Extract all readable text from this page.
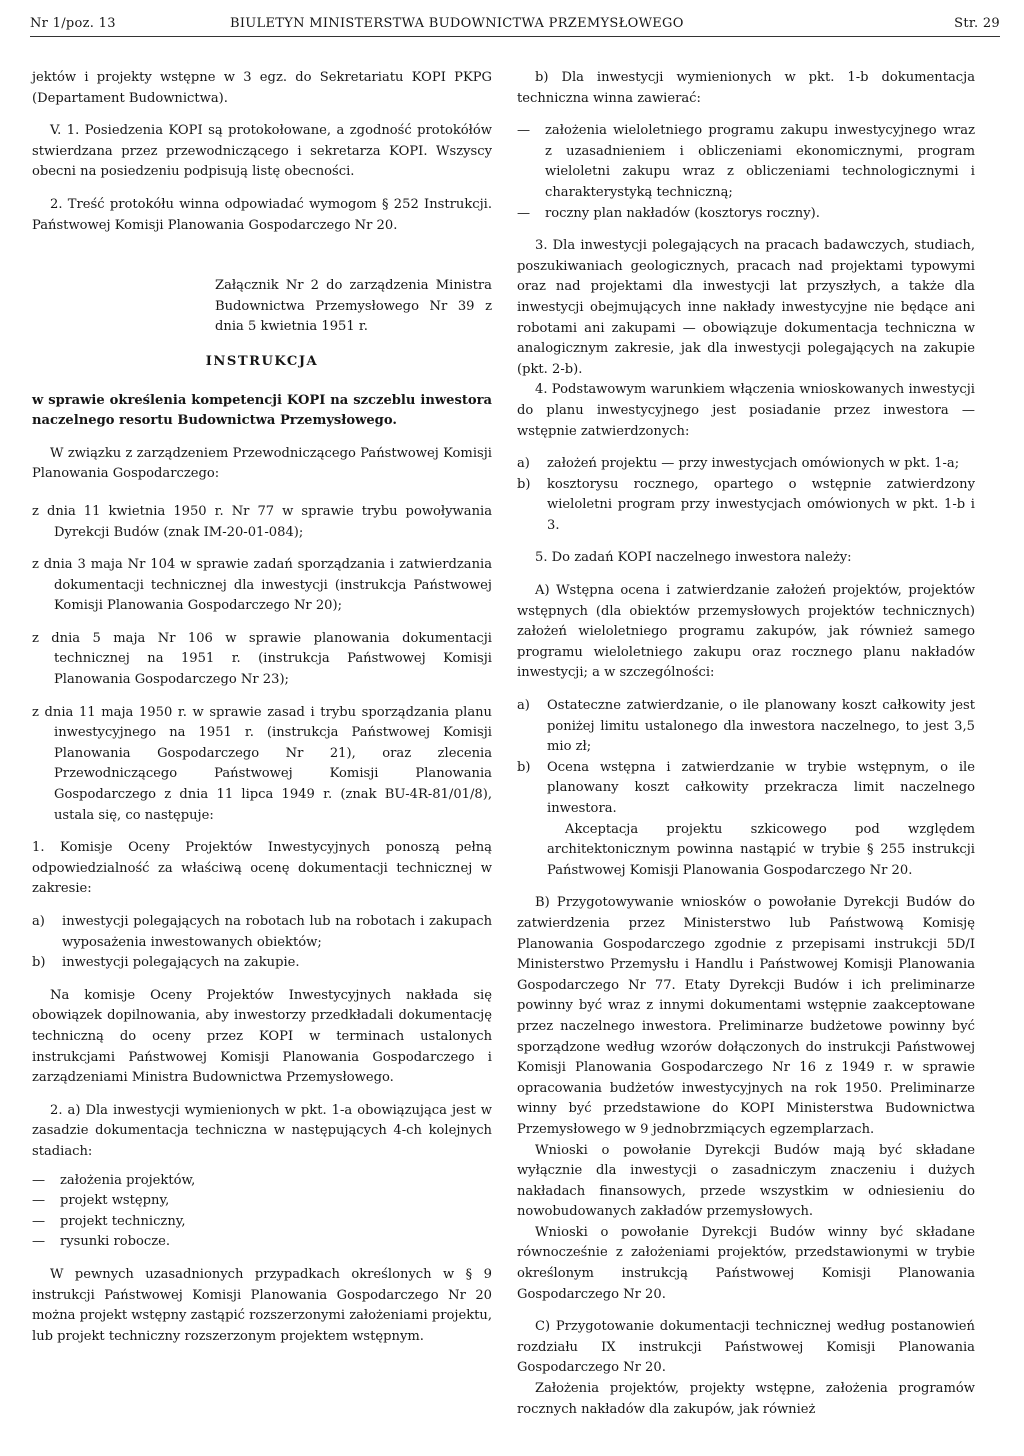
Nr 1/poz. 13	BIULETYN MINISTERSTWA BUDOWNICTWA PRZEMYSŁOWEGO	Str. 29

jektów i projekty wstępne w 3 egz. do Sekretariatu KOPI PKPG (Departament Budownictwa).

V. 1. Posiedzenia KOPI są protokołowane, a zgodność protokółów stwierdzana przez przewodniczącego i sekretarza KOPI. Wszyscy obecni na posiedzeniu podpisują listę obecności.

2. Treść protokółu winna odpowiadać wymogom § 252 Instrukcji. Państwowej Komisji Planowania Gospodarczego Nr 20.

Załącznik Nr 2 do zarządzenia Ministra Budownictwa Przemysłowego Nr 39 z dnia 5 kwietnia 1951 r.

INSTRUKCJA

w sprawie określenia kompetencji KOPI na szczeblu inwestora naczelnego resortu Budownictwa Przemysłowego.

W związku z zarządzeniem Przewodniczącego Państwowej Komisji Planowania Gospodarczego:

z dnia 11 kwietnia 1950 r. Nr 77 w sprawie trybu powoływania Dyrekcji Budów (znak IM-20-01-084);

z dnia 3 maja Nr 104 w sprawie zadań sporządzania i zatwierdzania dokumentacji technicznej dla inwestycji (instrukcja Państwowej Komisji Planowania Gospodarczego Nr 20);

z dnia 5 maja Nr 106 w sprawie planowania dokumentacji technicznej na 1951 r. (instrukcja Państwowej Komisji Planowania Gospodarczego Nr 23);

z dnia 11 maja 1950 r. w sprawie zasad i trybu sporządzania planu inwestycyjnego na 1951 r. (instrukcja Państwowej Komisji Planowania Gospodarczego Nr 21), oraz zlecenia Przewodniczącego Państwowej Komisji Planowania Gospodarczego z dnia 11 lipca 1949 r. (znak BU-4R-81/01/8), ustala się, co następuje:

1. Komisje Oceny Projektów Inwestycyjnych ponoszą pełną odpowiedzialność za właściwą ocenę dokumentacji technicznej w zakresie:

a) inwestycji polegających na robotach lub na robotach i zakupach wyposażenia inwestowanych obiektów;
b) inwestycji polegających na zakupie.

Na komisje Oceny Projektów Inwestycyjnych nakłada się obowiązek dopilnowania, aby inwestorzy przedkładali dokumentację techniczną do oceny przez KOPI w terminach ustalonych instrukcjami Państwowej Komisji Planowania Gospodarczego i zarządzeniami Ministra Budownictwa Przemysłowego.

2. a) Dla inwestycji wymienionych w pkt. 1-a obowiązująca jest w zasadzie dokumentacja techniczna w następujących 4-ch kolejnych stadiach:

— założenia projektów,
— projekt wstępny,
— projekt techniczny,
— rysunki robocze.

W pewnych uzasadnionych przypadkach określonych w § 9 instrukcji Państwowej Komisji Planowania Gospodarczego Nr 20 można projekt wstępny zastąpić rozszerzonymi założeniami projektu, lub projekt techniczny rozszerzonym projektem wstępnym.

b) Dla inwestycji wymienionych w pkt. 1-b dokumentacja techniczna winna zawierać:

— założenia wieloletniego programu zakupu inwestycyjnego wraz z uzasadnieniem i obliczeniami ekonomicznymi, program wieloletni zakupu wraz z obliczeniami technologicznymi i charakterystyką techniczną;
— roczny plan nakładów (kosztorys roczny).

3. Dla inwestycji polegających na pracach badawczych, studiach, poszukiwaniach geologicznych, pracach nad projektami typowymi oraz nad projektami dla inwestycji lat przyszłych, a także dla inwestycji obejmujących inne nakłady inwestycyjne nie będące ani robotami ani zakupami — obowiązuje dokumentacja techniczna w analogicznym zakresie, jak dla inwestycji polegających na zakupie (pkt. 2-b).

4. Podstawowym warunkiem włączenia wnioskowanych inwestycji do planu inwestycyjnego jest posiadanie przez inwestora — wstępnie zatwierdzonych:

a) założeń projektu — przy inwestycjach omówionych w pkt. 1-a;
b) kosztorysu rocznego, opartego o wstępnie zatwierdzony wieloletni program przy inwestycjach omówionych w pkt. 1-b i 3.

5. Do zadań KOPI naczelnego inwestora należy:

A) Wstępna ocena i zatwierdzanie założeń projektów, projektów wstępnych (dla obiektów przemysłowych projektów technicznych) założeń wieloletniego programu zakupów, jak również samego programu wieloletniego zakupu oraz rocznego planu nakładów inwestycji; a w szczególności:

a) Ostateczne zatwierdzanie, o ile planowany koszt całkowity jest poniżej limitu ustalonego dla inwestora naczelnego, to jest 3,5 mio zł;
b) Ocena wstępna i zatwierdzanie w trybie wstępnym, o ile planowany koszt całkowity przekracza limit naczelnego inwestora.

Akceptacja projektu szkicowego pod względem architektonicznym powinna nastąpić w trybie § 255 instrukcji Państwowej Komisji Planowania Gospodarczego Nr 20.

B) Przygotowywanie wniosków o powołanie Dyrekcji Budów do zatwierdzenia przez Ministerstwo lub Państwową Komisję Planowania Gospodarczego zgodnie z przepisami instrukcji 5D/I Ministerstwo Przemysłu i Handlu i Państwowej Komisji Planowania Gospodarczego Nr 77. Etaty Dyrekcji Budów i ich preliminarze powinny być wraz z innymi dokumentami wstępnie zaakceptowane przez naczelnego inwestora. Preliminarze budżetowe powinny być sporządzone według wzorów dołączonych do instrukcji Państwowej Komisji Planowania Gospodarczego Nr 16 z 1949 r. w sprawie opracowania budżetów inwestycyjnych na rok 1950. Preliminarze winny być przedstawione do KOPI Ministerstwa Budownictwa Przemysłowego w 9 jednobrzmiących egzemplarzach.

Wnioski o powołanie Dyrekcji Budów mają być składane wyłącznie dla inwestycji o zasadniczym znaczeniu i dużych nakładach finansowych, przede wszystkim w odniesieniu do nowobudowanych zakładów przemysłowych.

Wnioski o powołanie Dyrekcji Budów winny być składane równocześnie z założeniami projektów, przedstawionymi w trybie określonym instrukcją Państwowej Komisji Planowania Gospodarczego Nr 20.

C) Przygotowanie dokumentacji technicznej według postanowień rozdziału IX instrukcji Państwowej Komisji Planowania Gospodarczego Nr 20.

Założenia projektów, projekty wstępne, założenia programów rocznych nakładów dla zakupów, jak również
